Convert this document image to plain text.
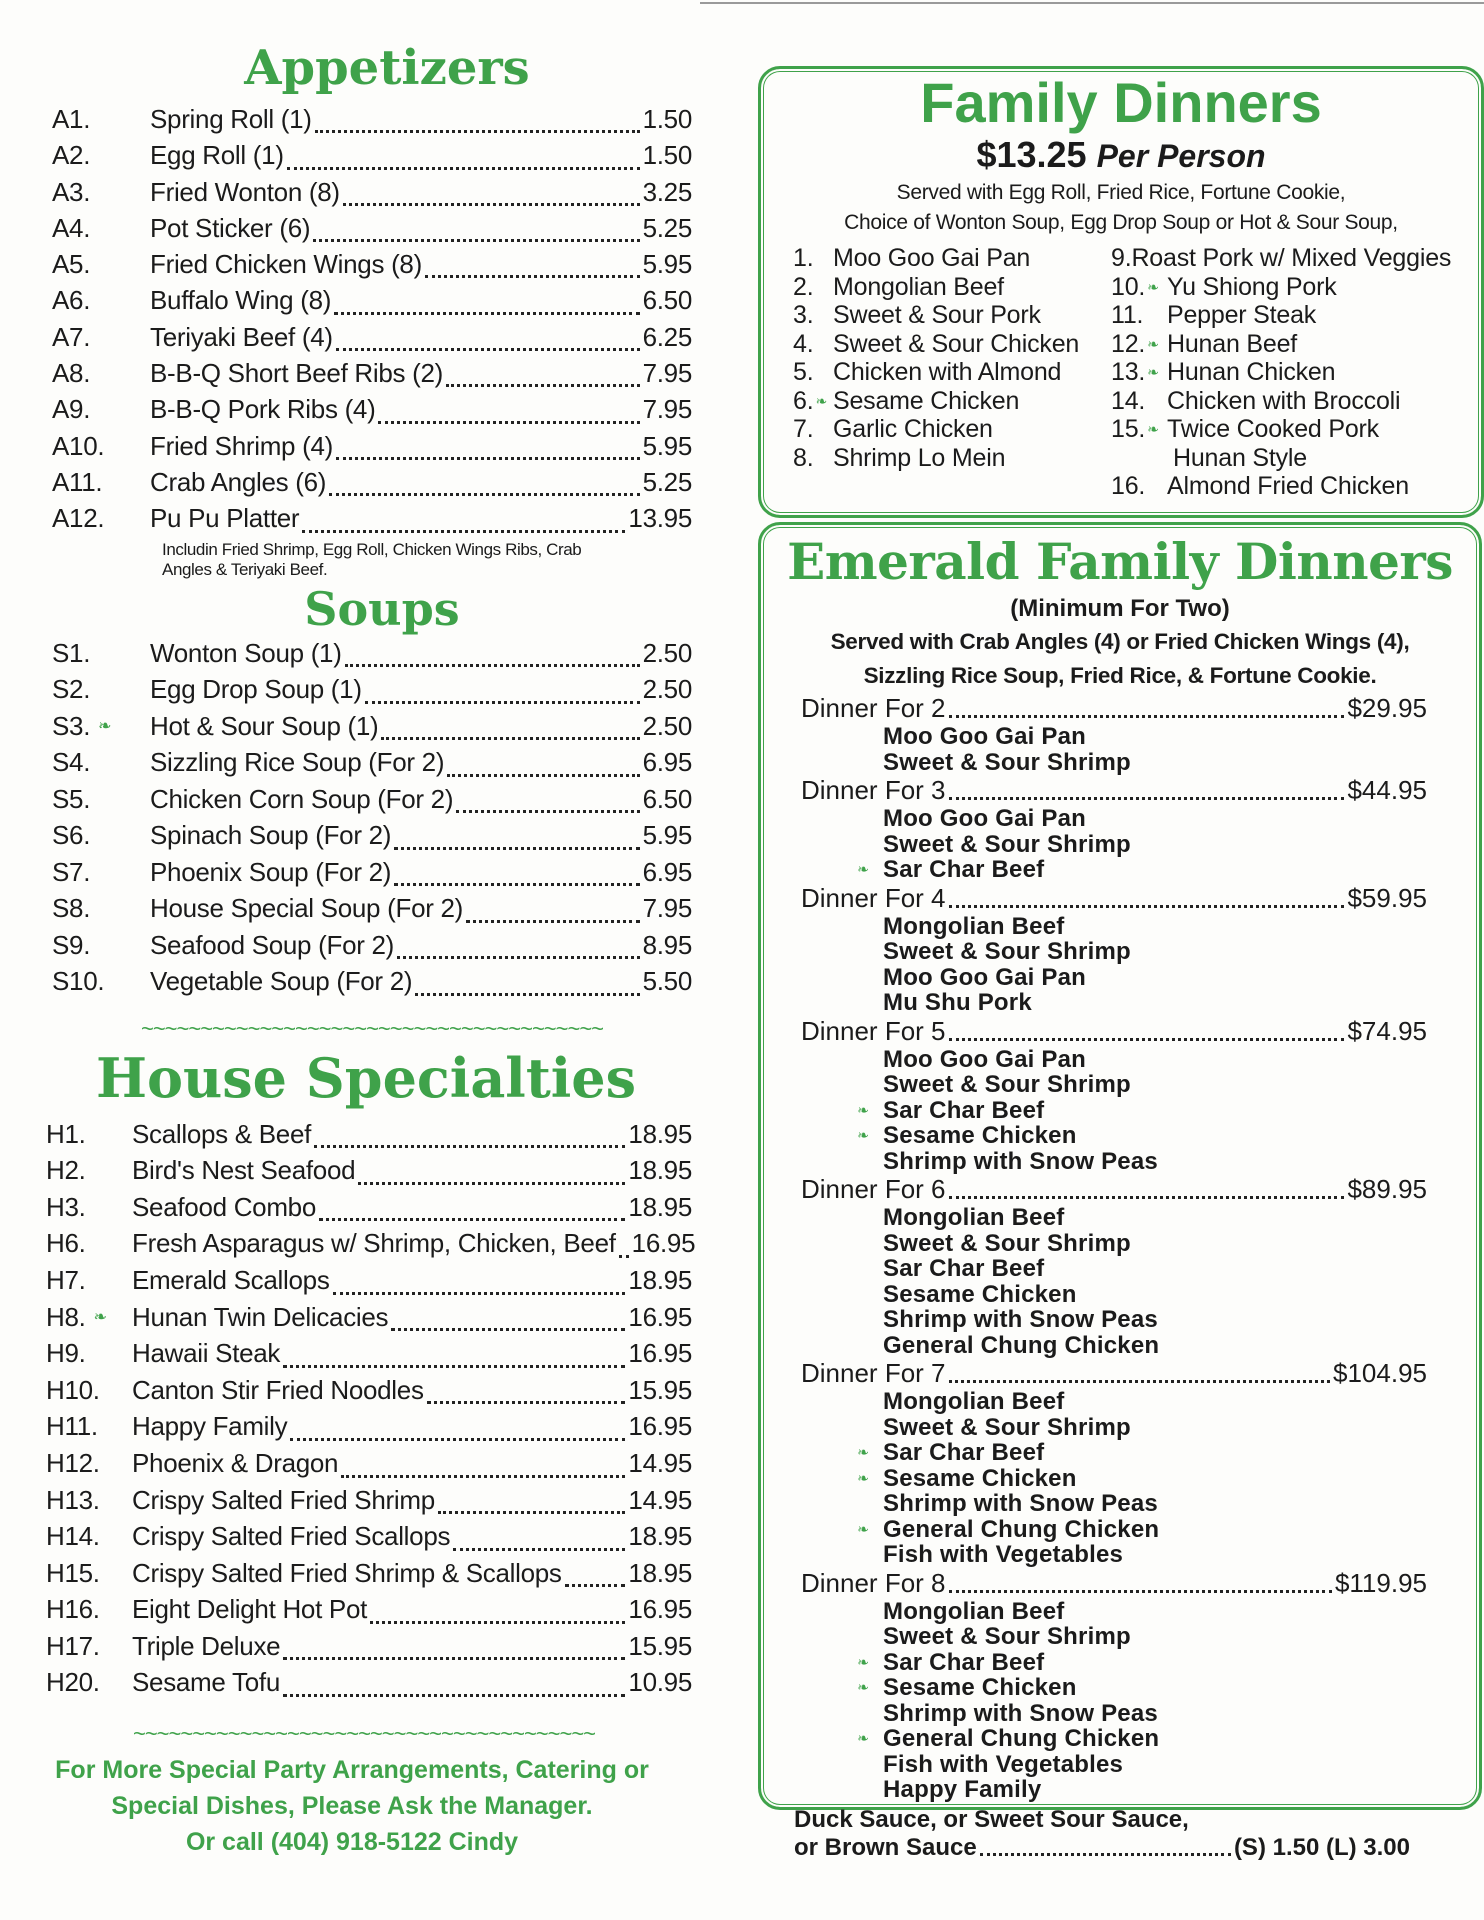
Appetizers
A1. Spring Roll (1)	1.50
A2. Egg Roll (1)	1.50
A3. Fried Wonton (8)	3.25
A4. Pot Sticker (6)	5.25
A5. Fried Chicken Wings (8)	5.95
A6. Buffalo Wing (8)	6.50
A7. Teriyaki Beef (4)	6.25
A8. B-B-Q Short Beef Ribs (2)	7.95
A9. B-B-Q Pork Ribs (4)	7.95
A10. Fried Shrimp (4)	5.95
A11. Crab Angles (6)	5.25
A12. Pu Pu Platter	13.95
Includin Fried Shrimp, Egg Roll, Chicken Wings Ribs, Crab Angles & Teriyaki Beef.
Soups
S1. Wonton Soup (1)	2.50
S2. Egg Drop Soup (1)	2.50
S3. ❧ Hot & Sour Soup (1)	2.50
S4. Sizzling Rice Soup (For 2)	6.95
S5. Chicken Corn Soup (For 2)	6.50
S6. Spinach Soup (For 2)	5.95
S7. Phoenix Soup (For 2)	6.95
S8. House Special Soup (For 2)	7.95
S9. Seafood Soup (For 2)	8.95
S10. Vegetable Soup (For 2)	5.50
~~~~~~~~~~~~~~~~~~~~~~~~~~~~~~~~~~~~~~~
House Specialties
H1. Scallops & Beef	18.95
H2. Bird's Nest Seafood	18.95
H3. Seafood Combo	18.95
H6. Fresh Asparagus w/ Shrimp, Chicken, Beef 16.95
H7. Emerald Scallops	18.95
H8. ❧ Hunan Twin Delicacies	16.95
H9. Hawaii Steak	16.95
H10. Canton Stir Fried Noodles	15.95
H11. Happy Family	16.95
H12. Phoenix & Dragon	14.95
H13. Crispy Salted Fried Shrimp	14.95
H14. Crispy Salted Fried Scallops	18.95
H15. Crispy Salted Fried Shrimp & Scallops	18.95
H16. Eight Delight Hot Pot	16.95
H17. Triple Deluxe	15.95
H20. Sesame Tofu	10.95
~~~~~~~~~~~~~~~~~~~~~~~~~~~~~~~~~~~~~~~
For More Special Party Arrangements, Catering or
Special Dishes, Please Ask the Manager.
Or call (404) 918-5122 Cindy
Family Dinners
$13.25 Per Person
Served with Egg Roll, Fried Rice, Fortune Cookie,
Choice of Wonton Soup, Egg Drop Soup or Hot & Sour Soup,
1. Moo Goo Gai Pan
2. Mongolian Beef
3. Sweet & Sour Pork
4. Sweet & Sour Chicken
5. Chicken with Almond
6. ❧ Sesame Chicken
7. Garlic Chicken
8. Shrimp Lo Mein
9. Roast Pork w/ Mixed Veggies
10. ❧ Yu Shiong Pork
11. Pepper Steak
12. ❧ Hunan Beef
13. ❧ Hunan Chicken
14. Chicken with Broccoli
15. ❧ Twice Cooked Pork
Hunan Style
16. Almond Fried Chicken
Emerald Family Dinners
(Minimum For Two)
Served with Crab Angles (4) or Fried Chicken Wings (4),
Sizzling Rice Soup, Fried Rice, & Fortune Cookie.
Dinner For 2	$29.95
Moo Goo Gai Pan
Sweet & Sour Shrimp
Dinner For 3	$44.95
Moo Goo Gai Pan
Sweet & Sour Shrimp
❧ Sar Char Beef
Dinner For 4	$59.95
Mongolian Beef
Sweet & Sour Shrimp
Moo Goo Gai Pan
Mu Shu Pork
Dinner For 5	$74.95
Moo Goo Gai Pan
Sweet & Sour Shrimp
❧ Sar Char Beef
❧ Sesame Chicken
Shrimp with Snow Peas
Dinner For 6	$89.95
Mongolian Beef
Sweet & Sour Shrimp
Sar Char Beef
Sesame Chicken
Shrimp with Snow Peas
General Chung Chicken
Dinner For 7	$104.95
Mongolian Beef
Sweet & Sour Shrimp
❧ Sar Char Beef
❧ Sesame Chicken
Shrimp with Snow Peas
❧ General Chung Chicken
Fish with Vegetables
Dinner For 8	$119.95
Mongolian Beef
Sweet & Sour Shrimp
❧ Sar Char Beef
❧ Sesame Chicken
Shrimp with Snow Peas
❧ General Chung Chicken
Fish with Vegetables
Happy Family
Duck Sauce, or Sweet Sour Sauce,
or Brown Sauce	(S) 1.50 (L) 3.00
